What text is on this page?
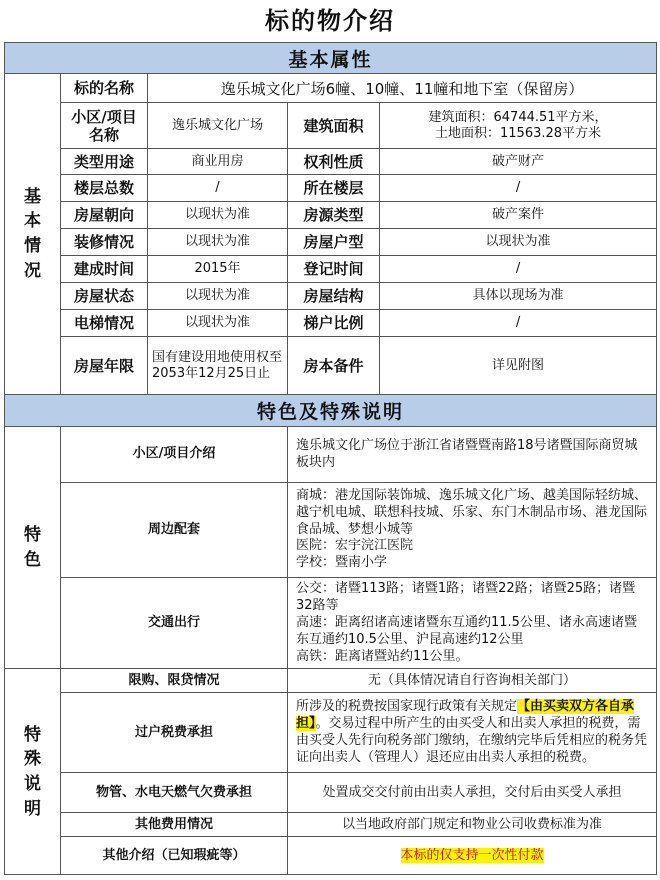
标的物介绍
基本属性				

基
本
情
况	标的名称	逸乐城文化广场6幢、10幢、11幢和地下室（保留房）		
	小区/项目名称	逸乐城文化广场	建筑面积	建筑面积：64744.51平方米，
土地面积：11563.28平方米

	类型用途	商业用房	权利性质	破产财产
	楼层总数	/	所在楼层	/
	房屋朝向	以现状为准	房源类型	破产案件
	装修情况	以现状为准	房屋户型	以现状为准
	建成时间	2015年	登记时间	/
	房屋状态	以现状为准	房屋结构	具体以现场为准
	电梯情况	以现状为准	梯户比例	/
	房屋年限	国有建设用地使用权至2053年12月25日止	房本备件	详见附图
特色及特殊说明				

特
色	小区/项目介绍		逸乐城文化广场位于浙江省诸暨暨南路18号诸暨国际商贸城板块内	
	周边配套		商城：港龙国际装饰城、逸乐城文化广场、越美国际轻纺城、越宁机电城、联想科技城、乐家、东门木制品市场、港龙国际食品城、梦想小城等
医院：宏宇浣江医院
学校：暨南小学	

	交通出行		公交：诸暨113路；诸暨1路；诸暨22路；诸暨25路；诸暨32路等
高速：距离绍诸高速诸暨东互通约11.5公里、诸永高速诸暨东互通约10.5公里、沪昆高速约12公里
高铁：距离诸暨站约11公里。	

特
殊
说
明	限购、限贷情况		无（具体情况请自行咨询相关部门）	
	过户税费承担		所涉及的税费按国家现行政策有关规定【由买卖双方各自承担】。交易过程中所产生的由买受人和出卖人承担的税费，需由买受人先行向税务部门缴纳，在缴纳完毕后凭相应的税务凭证向出卖人（管理人）退还应由出卖人承担的税费。	
	物管、水电天燃气欠费承担		处置成交交付前由出卖人承担，交付后由买受人承担	
	其他费用情况		以当地政府部门规定和物业公司收费标准为准	
	其他介绍（已知瑕疵等）		本标的仅支持一次性付款	
